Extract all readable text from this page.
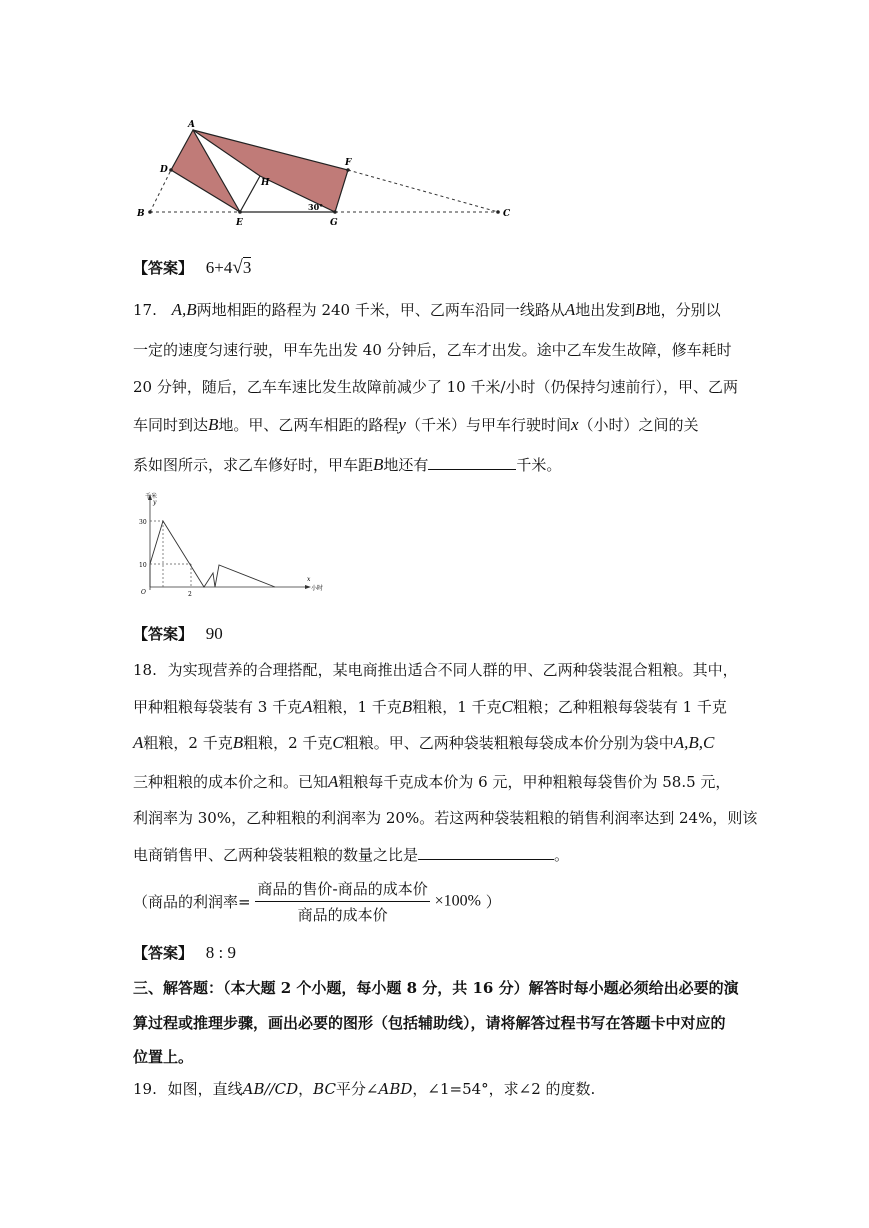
A
D
F
H
B
E	G
C
30°
【答案】 6+4√3
17. A,B两地相距的路程为 240 千米，甲、乙两车沿同一线路从A地出发到B地，分别以
一定的速度匀速行驶，甲车先出发 40 分钟后，乙车才出发。途中乙车发生故障，修车耗时
20 分钟，随后，乙车车速比发生故障前减少了 10 千米/小时（仍保持匀速前行），甲、乙两
车同时到达B地。甲、乙两车相距的路程y（千米）与甲车行驶时间x（小时）之间的关
系如图所示，求乙车修好时，甲车距B地还有	千米。
千米
y
30
10
O	2
x
小时
【答案】 90
18. 为实现营养的合理搭配，某电商推出适合不同人群的甲、乙两种袋装混合粗粮。其中，
甲种粗粮每袋装有 3 千克A粗粮，1 千克B粗粮，1 千克C粗粮；乙种粗粮每袋装有 1 千克
A粗粮，2 千克B粗粮，2 千克C粗粮。甲、乙两种袋装粗粮每袋成本价分别为袋中A,B,C
三种粗粮的成本价之和。已知A粗粮每千克成本价为 6 元，甲种粗粮每袋售价为 58.5 元，
利润率为 30%，乙种粗粮的利润率为 20%。若这两种袋装粗粮的销售利润率达到 24%，则该
电商销售甲、乙两种袋装粗粮的数量之比是	。
（商品的利润率= $\frac{\text{商品的售价-商品的成本价}}{\text{商品的成本价}} \times 100\%$ ）
【答案】 8 : 9
三、解答题：（本大题 2 个小题，每小题 8 分，共 16 分）解答时每小题必须给出必要的演
算过程或推理步骤，画出必要的图形（包括辅助线），请将解答过程书写在答题卡中对应的
位置上。
19. 如图，直线AB//CD，BC平分∠ABD，∠1=54°，求∠2 的度数.
